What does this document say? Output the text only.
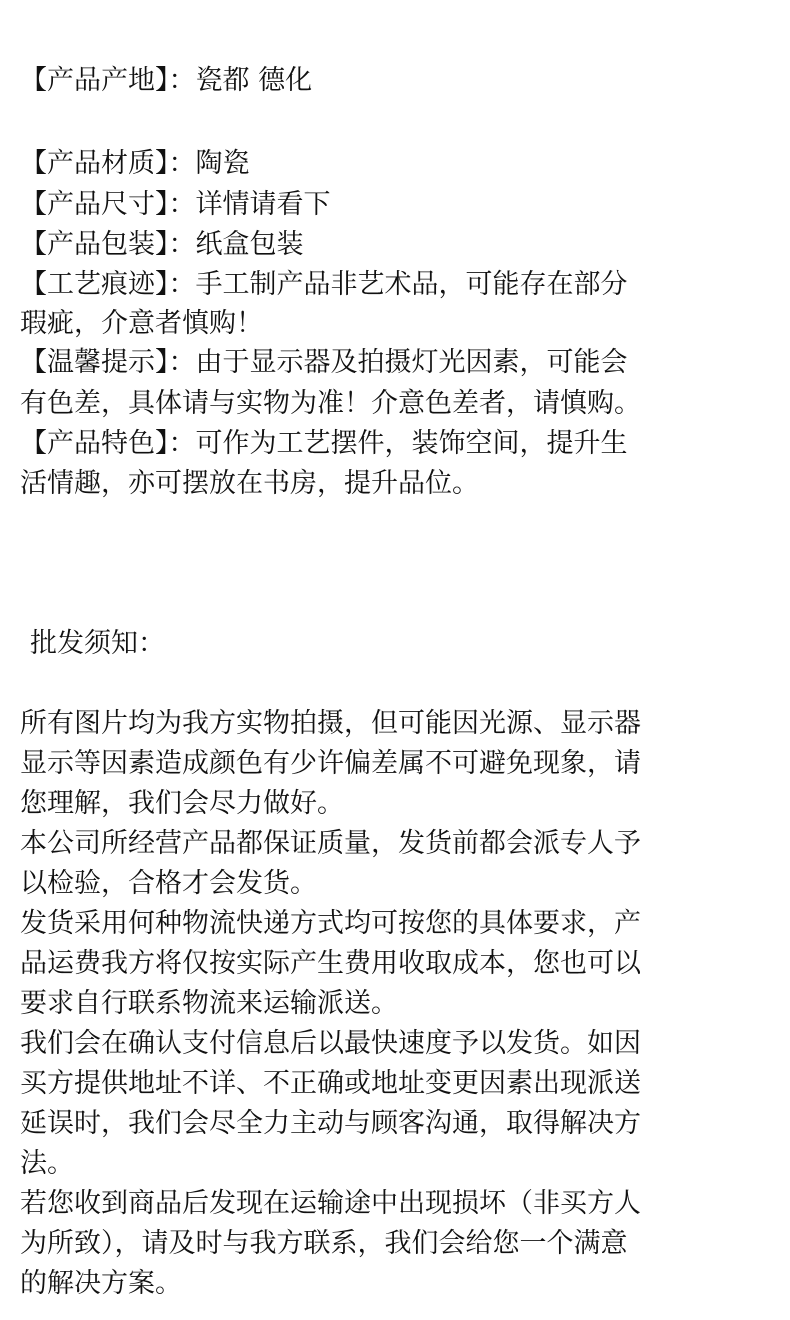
【产品产地】：瓷都 德化
【产品材质】：陶瓷
【产品尺寸】：详情请看下
【产品包装】：纸盒包装
【工艺痕迹】：手工制产品非艺术品，可能存在部分
瑕疵，介意者慎购！
【温馨提示】：由于显示器及拍摄灯光因素，可能会
有色差，具体请与实物为准！介意色差者，请慎购。
【产品特色】：可作为工艺摆件，装饰空间，提升生
活情趣，亦可摆放在书房，提升品位。
批发须知：
所有图片均为我方实物拍摄，但可能因光源、显示器
显示等因素造成颜色有少许偏差属不可避免现象，请
您理解，我们会尽力做好。
本公司所经营产品都保证质量，发货前都会派专人予
以检验，合格才会发货。
发货采用何种物流快递方式均可按您的具体要求，产
品运费我方将仅按实际产生费用收取成本，您也可以
要求自行联系物流来运输派送。
我们会在确认支付信息后以最快速度予以发货。如因
买方提供地址不详、不正确或地址变更因素出现派送
延误时，我们会尽全力主动与顾客沟通，取得解决方
法。
若您收到商品后发现在运输途中出现损坏（非买方人
为所致），请及时与我方联系，我们会给您一个满意
的解决方案。
